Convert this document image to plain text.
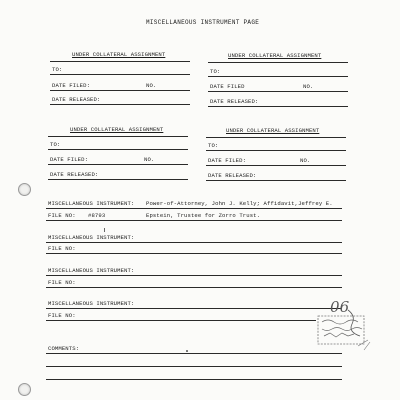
MISCELLANEOUS INSTRUMENT PAGE
UNDER COLLATERAL ASSIGNMENT
TO:
DATE FILED:	NO.
DATE RELEASED:
UNDER COLLATERAL ASSIGNMENT
TO:
DATE FILED	NO.
DATE RELEASED:
UNDER COLLATERAL ASSIGNMENT
TO:
DATE FILED:	NO.
DATE RELEASED:
UNDER COLLATERAL ASSIGNMENT
TO:
DATE FILED:	NO.
DATE RELEASED:
MISCELLANEOUS INSTRUMENT: Power-of-Attorney, John J. Kelly; Affidavit,Jeffrey E.
FILE NO: #8793	Epstein, Trustee for Zorro Trust.
MISCELLANEOUS INSTRUMENT:
FILE NO:
MISCELLANEOUS INSTRUMENT:
FILE NO:
MISCELLANEOUS INSTRUMENT:
FILE NO:
COMMENTS:
06
